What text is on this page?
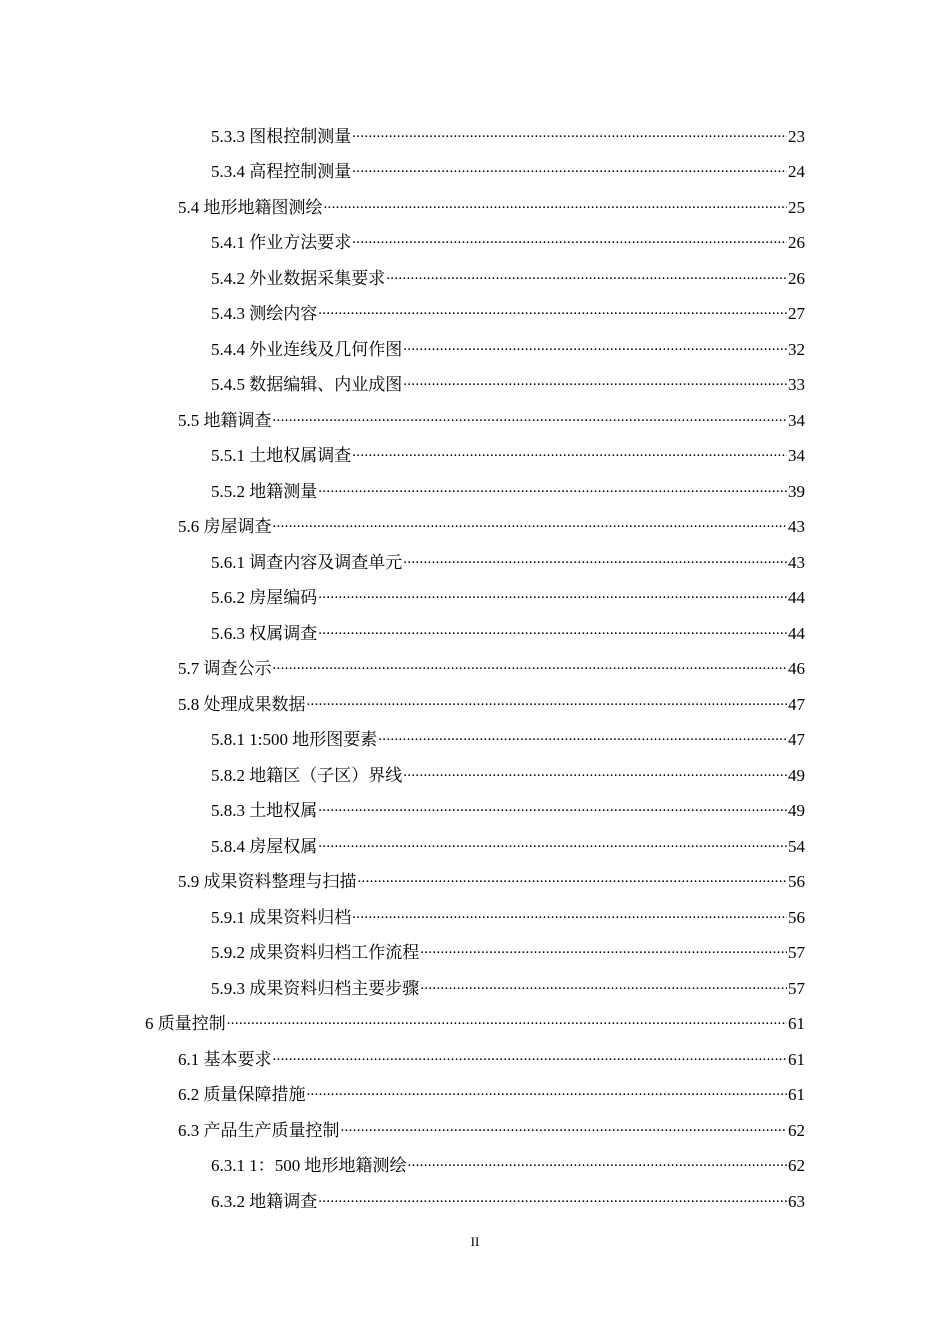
5.3.3 图根控制测量 .....	23
5.3.4 高程控制测量 .....	24
5.4 地形地籍图测绘 .....	25
5.4.1 作业方法要求 .....	26
5.4.2 外业数据采集要求 .....	26
5.4.3 测绘内容 .....	27
5.4.4 外业连线及几何作图 .....	32
5.4.5 数据编辑、内业成图 .....	33
5.5 地籍调查 .....	34
5.5.1 土地权属调查 .....	34
5.5.2 地籍测量 .....	39
5.6 房屋调查 .....	43
5.6.1 调查内容及调查单元 .....	43
5.6.2 房屋编码 .....	44
5.6.3 权属调查 .....	44
5.7 调查公示 .....	46
5.8 处理成果数据 .....	47
5.8.1 1:500 地形图要素 .....	47
5.8.2 地籍区（子区）界线 .....	49
5.8.3 土地权属 .....	49
5.8.4 房屋权属 .....	54
5.9 成果资料整理与扫描 .....	56
5.9.1 成果资料归档 .....	56
5.9.2 成果资料归档工作流程 .....	57
5.9.3 成果资料归档主要步骤 .....	57
6 质量控制 .....	61
6.1 基本要求 .....	61
6.2 质量保障措施 .....	61
6.3 产品生产质量控制 .....	62
6.3.1 1：500 地形地籍测绘 .....	62
6.3.2 地籍调查 .....	63
II
